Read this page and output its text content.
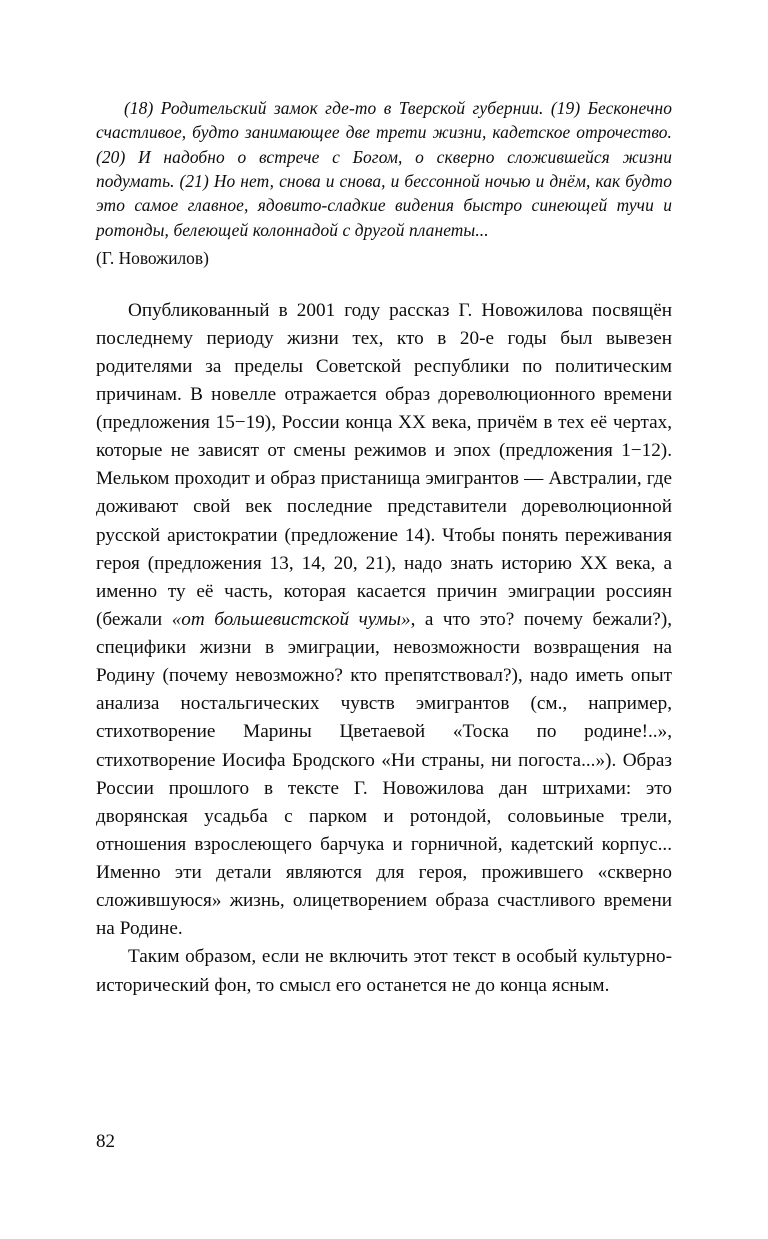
(18) Родительский замок где-то в Тверской губернии. (19) Бесконечно счастливое, будто занимающее две трети жизни, кадетское отрочество. (20) И надобно о встрече с Богом, о скверно сложившейся жизни подумать. (21) Но нет, снова и снова, и бессонной ночью и днём, как будто это самое главное, ядовито-сладкие видения быстро синеющей тучи и ротонды, белеющей колоннадой с другой планеты...
(Г. Новожилов)

Опубликованный в 2001 году рассказ Г. Новожилова посвящён последнему периоду жизни тех, кто в 20-е годы был вывезен родителями за пределы Советской республики по политическим причинам. В новелле отражается образ дореволюционного времени (предложения 15−19), России конца XX века, причём в тех её чертах, которые не зависят от смены режимов и эпох (предложения 1−12). Мельком проходит и образ пристанища эмигрантов — Австралии, где доживают свой век последние представители дореволюционной русской аристократии (предложение 14). Чтобы понять переживания героя (предложения 13, 14, 20, 21), надо знать историю XX века, а именно ту её часть, которая касается причин эмиграции россиян (бежали «от большевистской чумы», а что это? почему бежали?), специфики жизни в эмиграции, невозможности возвращения на Родину (почему невозможно? кто препятствовал?), надо иметь опыт анализа ностальгических чувств эмигрантов (см., например, стихотворение Марины Цветаевой «Тоска по родине!..», стихотворение Иосифа Бродского «Ни страны, ни погоста...»). Образ России прошлого в тексте Г. Новожилова дан штрихами: это дворянская усадьба с парком и ротондой, соловьиные трели, отношения взрослеющего барчука и горничной, кадетский корпус... Именно эти детали являются для героя, прожившего «скверно сложившуюся» жизнь, олицетворением образа счастливого времени на Родине.

Таким образом, если не включить этот текст в особый культурно-исторический фон, то смысл его останется не до конца ясным.

82
